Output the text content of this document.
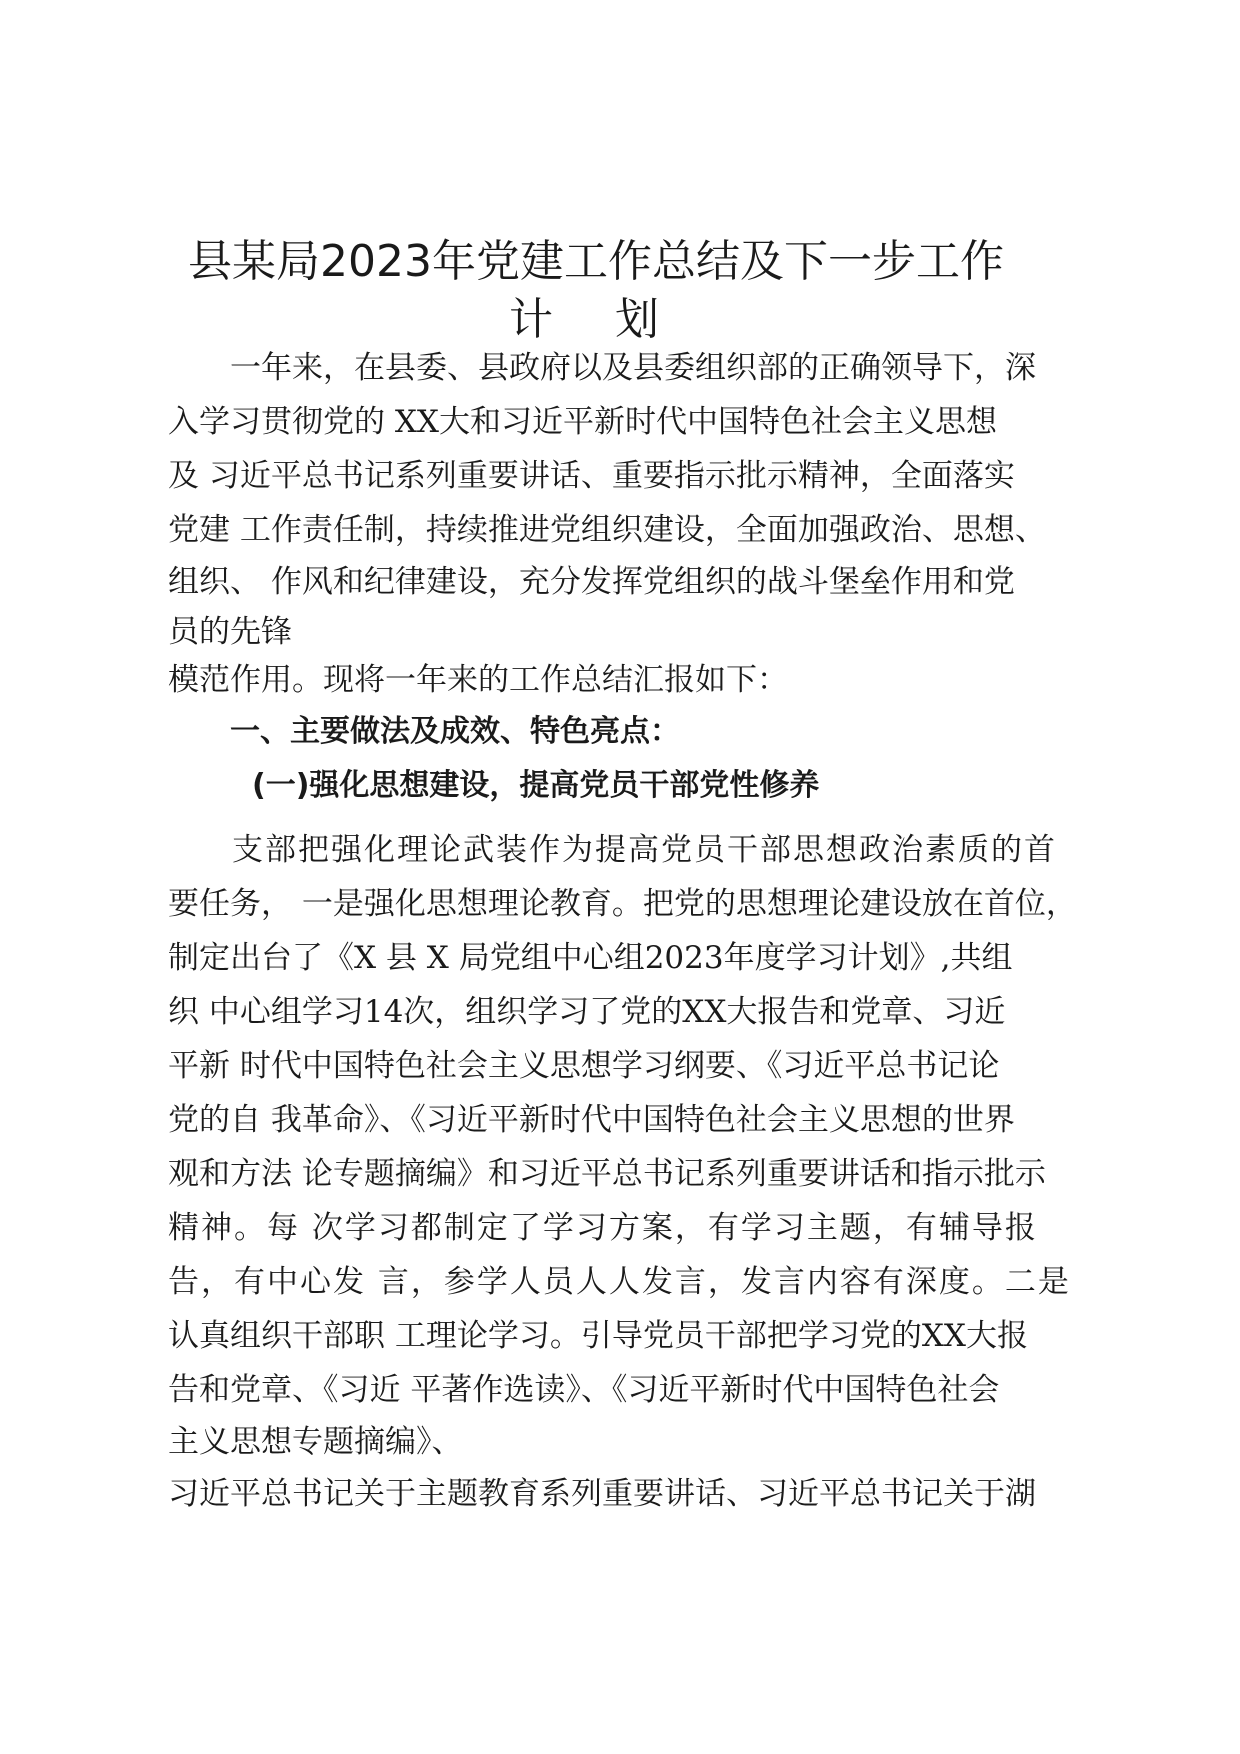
县某局2023年党建工作总结及下一步工作
计 划

一年来，在县委、县政府以及县委组织部的正确领导下，深

入学习贯彻党的 XX大和习近平新时代中国特色社会主义思想

及 习近平总书记系列重要讲话、重要指示批示精神，全面落实

党建 工作责任制，持续推进党组织建设，全面加强政治、思想、

组织、 作风和纪律建设，充分发挥党组织的战斗堡垒作用和党

员的先锋

模范作用。现将一年来的工作总结汇报如下：

一、主要做法及成效、特色亮点：

(一)强化思想建设，提高党员干部党性修养

支部把强化理论武装作为提高党员干部思想政治素质的首

要任务， 一是强化思想理论教育。把党的思想理论建设放在首位，

制定出台了《X 县 X 局党组中心组2023年度学习计划》,共组

织 中心组学习14次，组织学习了党的XX大报告和党章、习近

平新 时代中国特色社会主义思想学习纲要、《习近平总书记论

党的自 我革命》、《习近平新时代中国特色社会主义思想的世界

观和方法 论专题摘编》和习近平总书记系列重要讲话和指示批示

精神。每 次学习都制定了学习方案，有学习主题，有辅导报

告，有中心发 言，参学人员人人发言，发言内容有深度。二是

认真组织干部职 工理论学习。引导党员干部把学习党的XX大报

告和党章、《习近 平著作选读》、《习近平新时代中国特色社会

主义思想专题摘编》、

习近平总书记关于主题教育系列重要讲话、习近平总书记关于湖
